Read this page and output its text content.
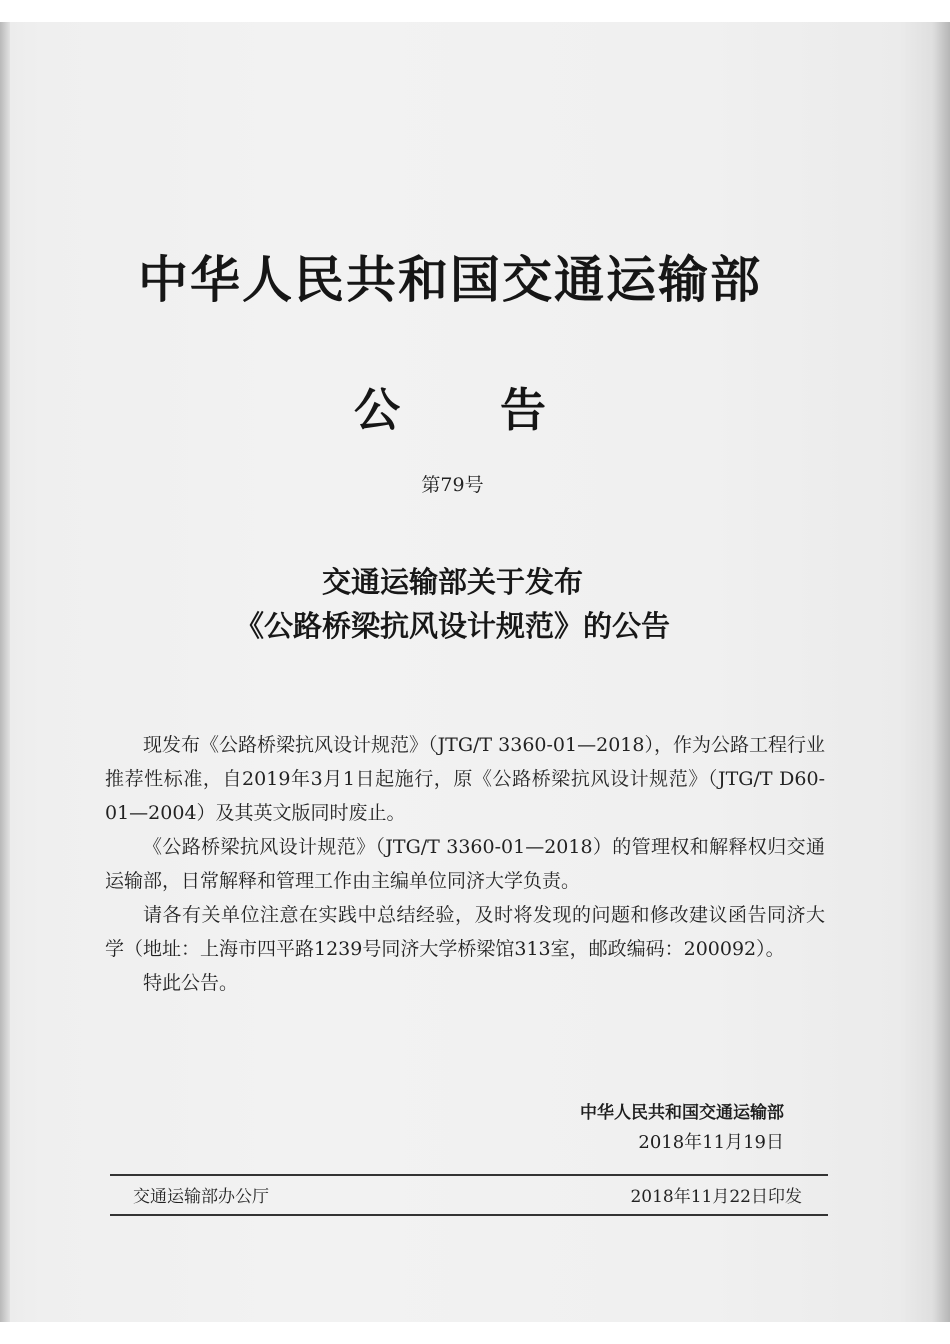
中华人民共和国交通运输部
公告
第79号
交通运输部关于发布
《公路桥梁抗风设计规范》的公告

现发布《公路桥梁抗风设计规范》（JTG/T 3360-01—2018），作为公路工程行业推荐性标准，自2019年3月1日起施行，原《公路桥梁抗风设计规范》（JTG/T D60-01—2004）及其英文版同时废止。

《公路桥梁抗风设计规范》（JTG/T 3360-01—2018）的管理权和解释权归交通运输部，日常解释和管理工作由主编单位同济大学负责。

请各有关单位注意在实践中总结经验，及时将发现的问题和修改建议函告同济大学（地址：上海市四平路1239号同济大学桥梁馆313室，邮政编码：200092）。

特此公告。

中华人民共和国交通运输部
2018年11月19日
交通运输部办公厅	2018年11月22日印发
